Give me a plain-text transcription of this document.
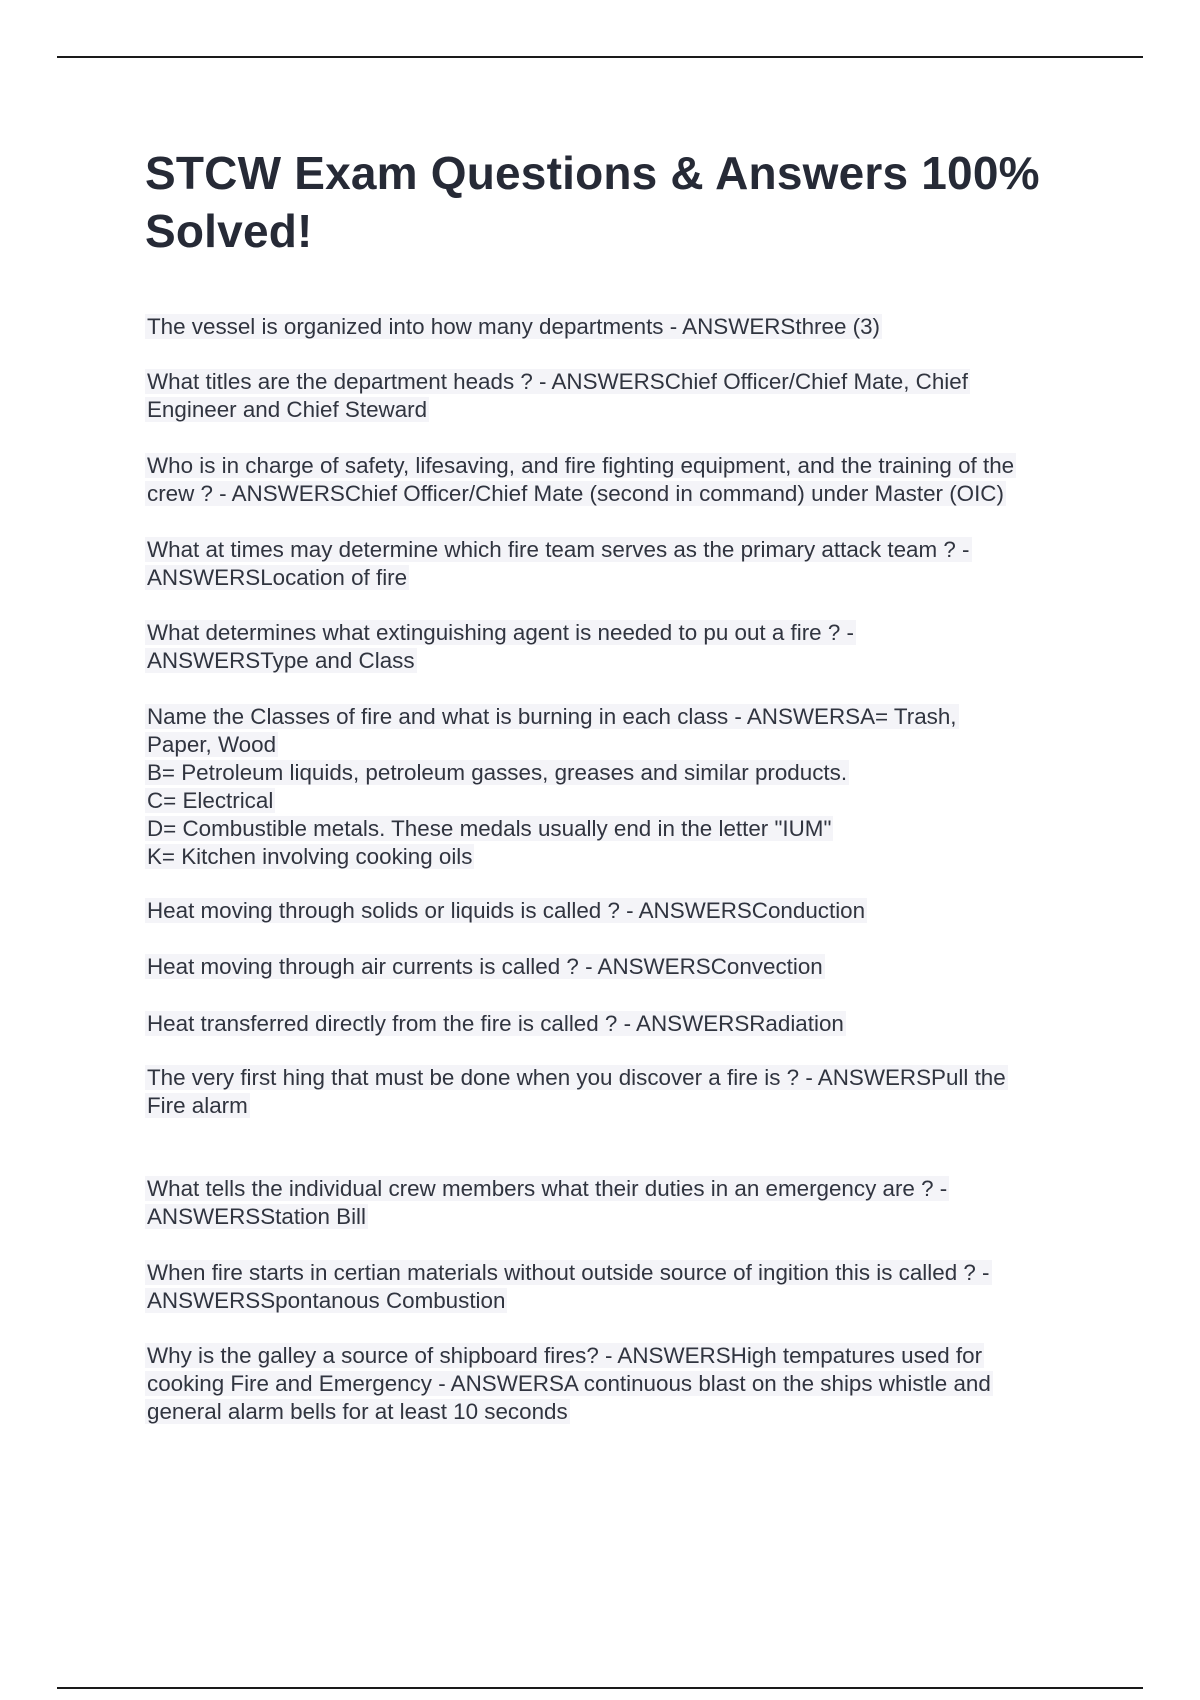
STCW Exam Questions & Answers 100%
Solved!

The vessel is organized into how many departments - ANSWERSthree (3)

What titles are the department heads ? - ANSWERSChief Officer/Chief Mate, Chief
Engineer and Chief Steward

Who is in charge of safety, lifesaving, and fire fighting equipment, and the training of the
crew ? - ANSWERSChief Officer/Chief Mate (second in command) under Master (OIC)

What at times may determine which fire team serves as the primary attack team ? -
ANSWERSLocation of fire

What determines what extinguishing agent is needed to pu out a fire ? -
ANSWERSType and Class

Name the Classes of fire and what is burning in each class - ANSWERSA= Trash,
Paper, Wood
B= Petroleum liquids, petroleum gasses, greases and similar products.
C= Electrical
D= Combustible metals. These medals usually end in the letter "IUM"
K= Kitchen involving cooking oils

Heat moving through solids or liquids is called ? - ANSWERSConduction

Heat moving through air currents is called ? - ANSWERSConvection

Heat transferred directly from the fire is called ? - ANSWERSRadiation

The very first hing that must be done when you discover a fire is ? - ANSWERSPull the
Fire alarm

What tells the individual crew members what their duties in an emergency are ? -
ANSWERSStation Bill

When fire starts in certian materials without outside source of ingition this is called ? -
ANSWERSSpontanous Combustion

Why is the galley a source of shipboard fires? - ANSWERSHigh tempatures used for
cooking Fire and Emergency - ANSWERSA continuous blast on the ships whistle and
general alarm bells for at least 10 seconds
